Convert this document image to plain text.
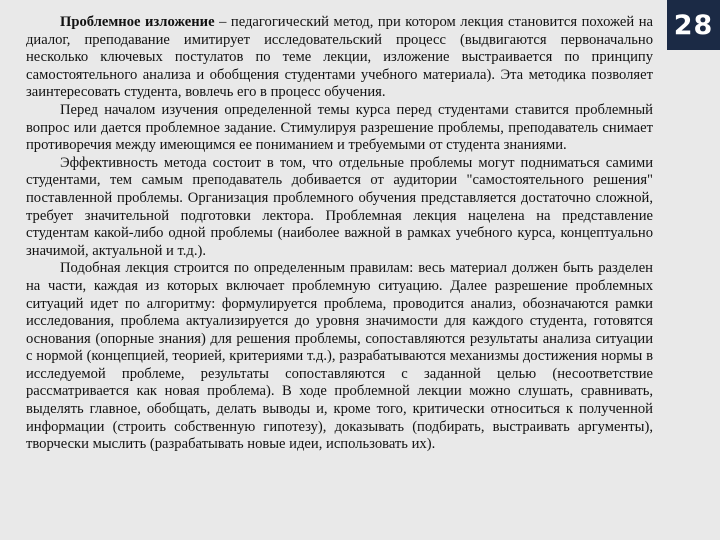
Проблемное изложение – педагогический метод, при котором лекция становится похожей на диалог, преподавание имитирует исследовательский процесс (выдвигаются первоначально несколько ключевых постулатов по теме лекции, изложение выстраивается по принципу самостоятельного анализа и обобщения студентами учебного материала). Эта методика позволяет заинтересовать студента, вовлечь его в процесс обучения.

Перед началом изучения определенной темы курса перед студентами ставится проблемный вопрос или дается проблемное задание. Стимулируя разрешение проблемы, преподаватель снимает противоречия между имеющимся ее пониманием и требуемыми от студента знаниями.

Эффективность метода состоит в том, что отдельные проблемы могут подниматься самими студентами, тем самым преподаватель добивается от аудитории "самостоятельного решения" поставленной проблемы. Организация проблемного обучения представляется достаточно сложной, требует значительной подготовки лектора. Проблемная лекция нацелена на представление студентам какой-либо одной проблемы (наиболее важной в рамках учебного курса, концептуально значимой, актуальной и т.д.).

Подобная лекция строится по определенным правилам: весь материал должен быть разделен на части, каждая из которых включает проблемную ситуацию. Далее разрешение проблемных ситуаций идет по алгоритму: формулируется проблема, проводится анализ, обозначаются рамки исследования, проблема актуализируется до уровня значимости для каждого студента, готовятся основания (опорные знания) для решения проблемы, сопоставляются результаты анализа ситуации с нормой (концепцией, теорией, критериями т.д.), разрабатываются механизмы достижения нормы в исследуемой проблеме, результаты сопоставляются с заданной целью (несоответствие рассматривается как новая проблема). В ходе проблемной лекции можно слушать, сравнивать, выделять главное, обобщать, делать выводы и, кроме того, критически относиться к полученной информации (строить собственную гипотезу), доказывать (подбирать, выстраивать аргументы), творчески мыслить (разрабатывать новые идеи, использовать их).

28
